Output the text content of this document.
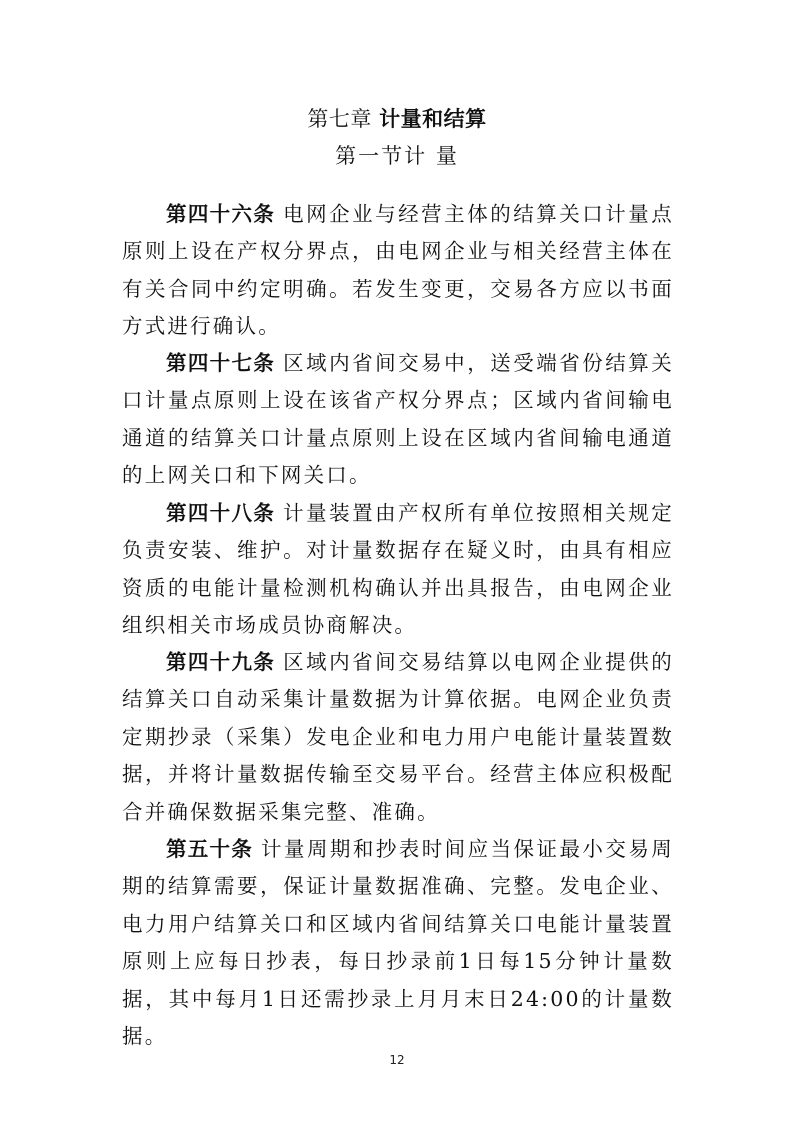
第七章 计量和结算
第一节计 量

第四十六条 电网企业与经营主体的结算关口计量点原则上设在产权分界点，由电网企业与相关经营主体在有关合同中约定明确。若发生变更，交易各方应以书面方式进行确认。

第四十七条 区域内省间交易中，送受端省份结算关口计量点原则上设在该省产权分界点；区域内省间输电通道的结算关口计量点原则上设在区域内省间输电通道的上网关口和下网关口。

第四十八条 计量装置由产权所有单位按照相关规定负责安装、维护。对计量数据存在疑义时，由具有相应资质的电能计量检测机构确认并出具报告，由电网企业组织相关市场成员协商解决。

第四十九条 区域内省间交易结算以电网企业提供的结算关口自动采集计量数据为计算依据。电网企业负责定期抄录（采集）发电企业和电力用户电能计量装置数据，并将计量数据传输至交易平台。经营主体应积极配合并确保数据采集完整、准确。

第五十条 计量周期和抄表时间应当保证最小交易周期的结算需要，保证计量数据准确、完整。发电企业、电力用户结算关口和区域内省间结算关口电能计量装置原则上应每日抄表，每日抄录前1日每15分钟计量数据，其中每月1日还需抄录上月月末日24:00的计量数据。

12
